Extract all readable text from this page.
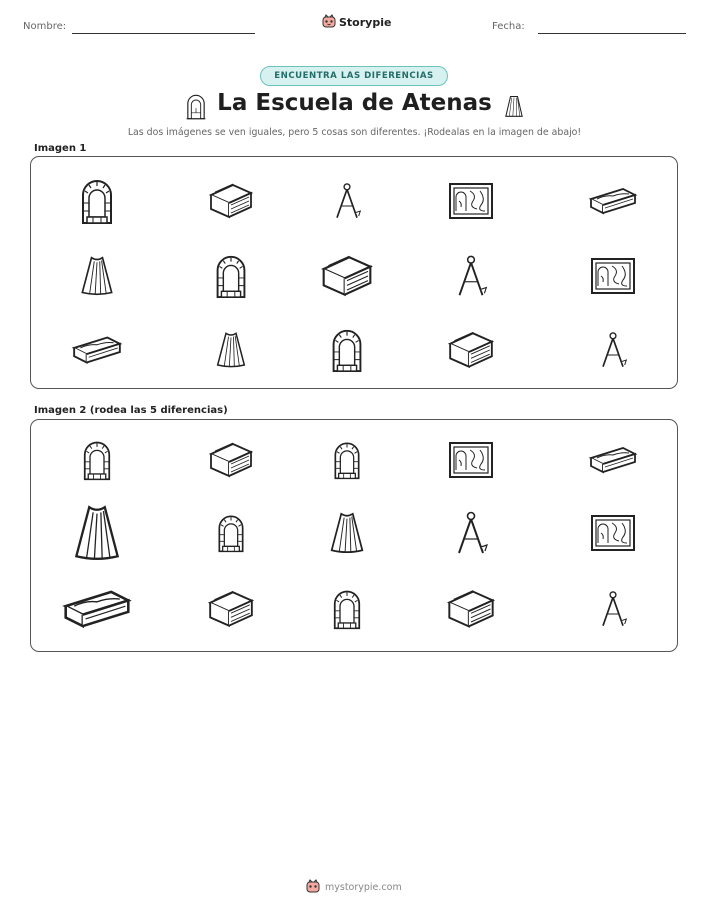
Nombre:	Storypie	Fecha:
ENCUENTRA LAS DIFERENCIAS
La Escuela de Atenas
Las dos imágenes se ven iguales, pero 5 cosas son diferentes. ¡Rodealas en la imagen de abajo!
Imagen 1
Imagen 2 (rodea las 5 diferencias)
mystorypie.com
